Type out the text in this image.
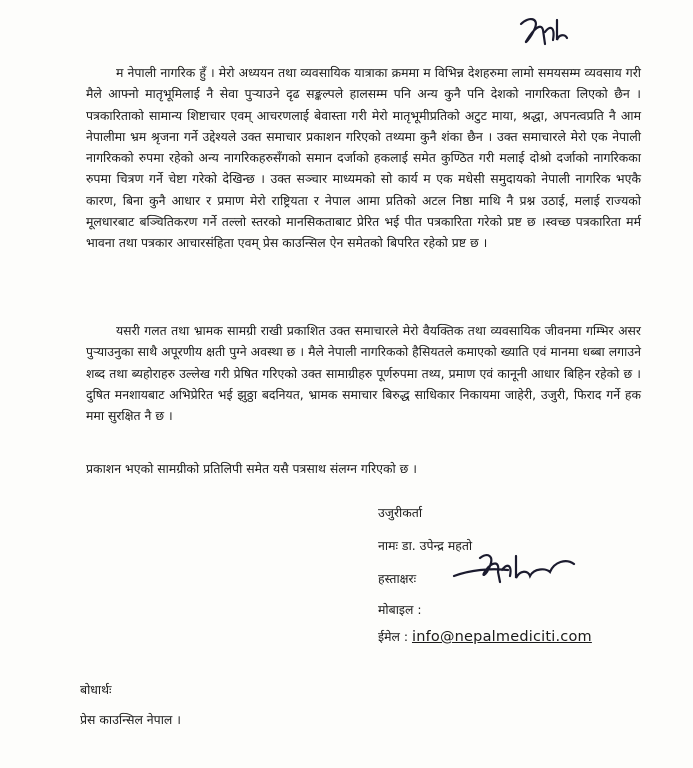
म नेपाली नागरिक हुँ । मेरो अध्ययन तथा व्यवसायिक यात्राका क्रममा म विभिन्न देशहरुमा लामो समयसम्म व्यवसाय गरी मैले आफ्नो मातृभूमिलाई नै सेवा पुऱ्याउने दृढ सङ्कल्पले हालसम्म पनि अन्य कुनै पनि देशको नागरिकता लिएको छैन । पत्रकारिताको सामान्य शिष्टाचार एवम् आचरणलाई बेवास्ता गरी मेरो मातृभूमीप्रतिको अटुट माया, श्रद्धा, अपनत्वप्रति नै आम नेपालीमा भ्रम श्रृजना गर्ने उद्देश्यले उक्त समाचार प्रकाशन गरिएको तथ्यमा कुनै शंका छैन । उक्त समाचारले मेरो एक नेपाली नागरिकको रुपमा रहेको अन्य नागरिकहरुसँगको समान दर्जाको हकलाई समेत कुण्ठित गरी मलाई दोश्रो दर्जाको नागरिकका रुपमा चित्रण गर्ने चेष्टा गरेको देखिन्छ । उक्त सञ्चार माध्यमको सो कार्य म एक मधेसी समुदायको नेपाली नागरिक भएकै कारण, बिना कुनै आधार र प्रमाण मेरो राष्ट्रियता र नेपाल आमा प्रतिको अटल निष्ठा माथि नै प्रश्न उठाई, मलाई राज्यको मूलधारबाट बञ्चितिकरण गर्ने तल्लो स्तरको मानसिकताबाट प्रेरित भई पीत पत्रकारिता गरेको प्रष्ट छ ।स्वच्छ पत्रकारिता मर्म भावना तथा पत्रकार आचारसंहिता एवम् प्रेस काउन्सिल ऐन समेतको बिपरित रहेको प्रष्ट छ ।

यसरी गलत तथा भ्रामक सामग्री राखी प्रकाशित उक्त समाचारले मेरो वैयक्तिक तथा व्यवसायिक जीवनमा गम्भिर असर पुऱ्याउनुका साथै अपूरणीय क्षती पुग्ने अवस्था छ । मैले नेपाली नागरिकको हैसियतले कमाएको ख्याति एवं मानमा धब्बा लगाउने शब्द तथा ब्यहोराहरु उल्लेख गरी प्रेषित गरिएको उक्त सामाग्रीहरु पूर्णरुपमा तथ्य, प्रमाण एवं कानूनी आधार बिहिन रहेको छ । दुषित मनशायबाट अभिप्रेरित भई झुठ्ठा बदनियत, भ्रामक समाचार बिरुद्ध साधिकार निकायमा जाहेरी, उजुरी, फिराद गर्ने हक ममा सुरक्षित नै छ ।

प्रकाशन भएको सामग्रीको प्रतिलिपी समेत यसै पत्रसाथ संलग्न गरिएको छ ।

उजुरीकर्ता
नामः डा. उपेन्द्र महतो
हस्ताक्षरः
मोबाइल :
ईमेल : info@nepalmediciti.com
बोधार्थः
प्रेस काउन्सिल नेपाल ।
